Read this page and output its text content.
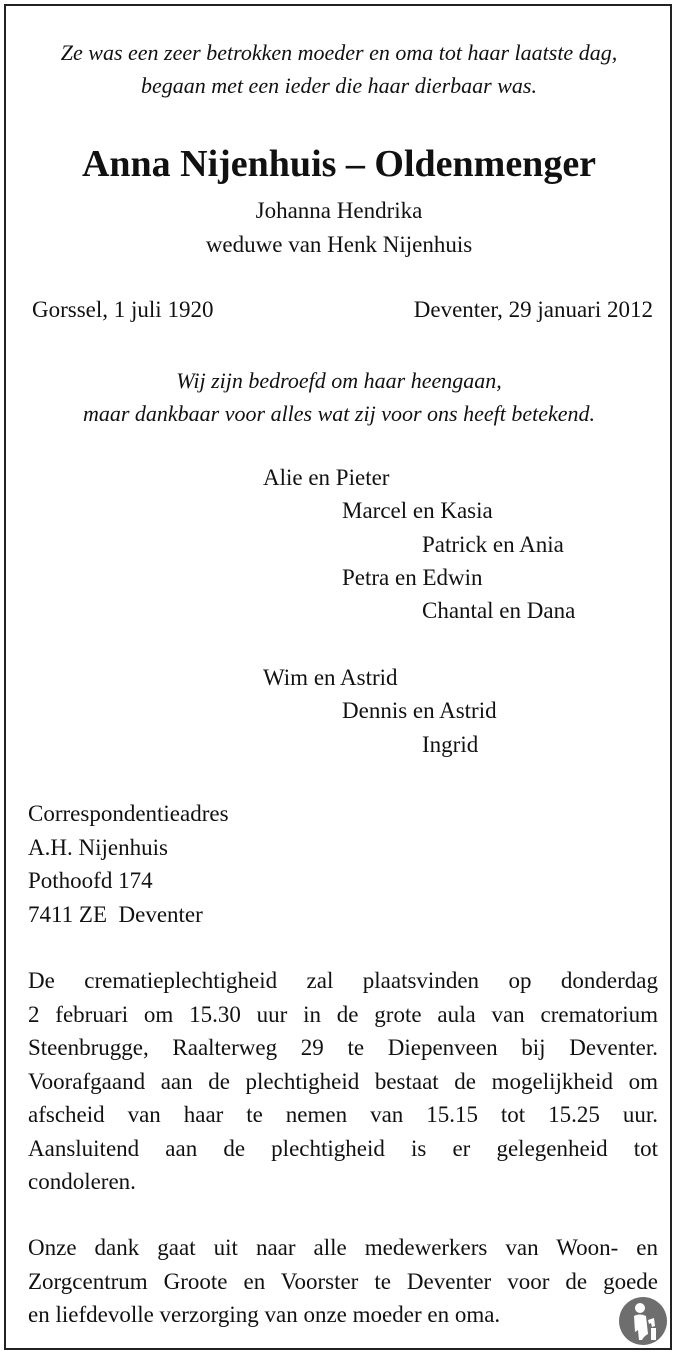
Ze was een zeer betrokken moeder en oma tot haar laatste dag,
begaan met een ieder die haar dierbaar was.
Anna Nijenhuis – Oldenmenger
Johanna Hendrika
weduwe van Henk Nijenhuis
Gorssel, 1 juli 1920	Deventer, 29 januari 2012
Wij zijn bedroefd om haar heengaan,
maar dankbaar voor alles wat zij voor ons heeft betekend.
Alie en Pieter
Marcel en Kasia
Patrick en Ania
Petra en Edwin
Chantal en Dana
Wim en Astrid
Dennis en Astrid
Ingrid
Correspondentieadres
A.H. Nijenhuis
Pothoofd 174
7411 ZE  Deventer
De crematieplechtigheid zal plaatsvinden op donderdag
2 februari om 15.30 uur in de grote aula van crematorium
Steenbrugge, Raalterweg 29 te Diepenveen bij Deventer.
Voorafgaand aan de plechtigheid bestaat de mogelijkheid om
afscheid van haar te nemen van 15.15 tot 15.25 uur.
Aansluitend aan de plechtigheid is er gelegenheid tot
condoleren.
Onze dank gaat uit naar alle medewerkers van Woon- en
Zorgcentrum Groote en Voorster te Deventer voor de goede
en liefdevolle verzorging van onze moeder en oma.
